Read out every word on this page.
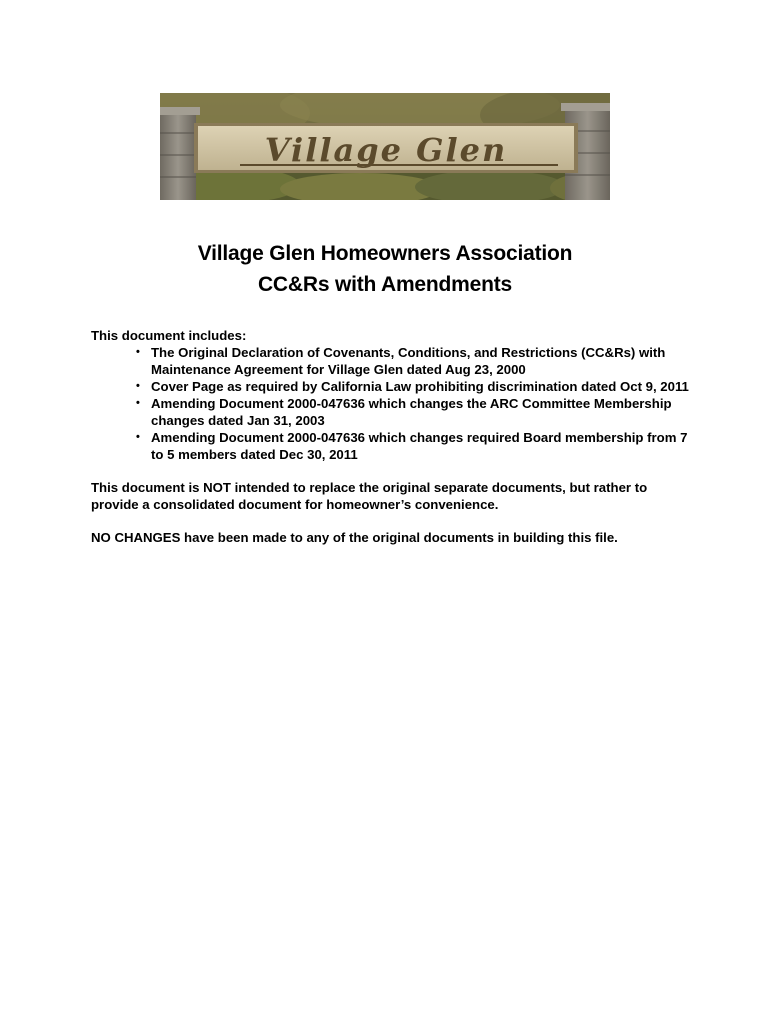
Village Glen
Village Glen Homeowners Association
CC&Rs with Amendments

This document includes:

• The Original Declaration of Covenants, Conditions, and Restrictions (CC&Rs) with Maintenance Agreement for Village Glen dated Aug 23, 2000
• Cover Page as required by California Law prohibiting discrimination dated Oct 9, 2011
• Amending Document 2000-047636 which changes the ARC Committee Membership changes dated Jan 31, 2003
• Amending Document 2000-047636 which changes required Board membership from 7 to 5 members dated Dec 30, 2011

This document is NOT intended to replace the original separate documents, but rather to provide a consolidated document for homeowner’s convenience.

NO CHANGES have been made to any of the original documents in building this file.
